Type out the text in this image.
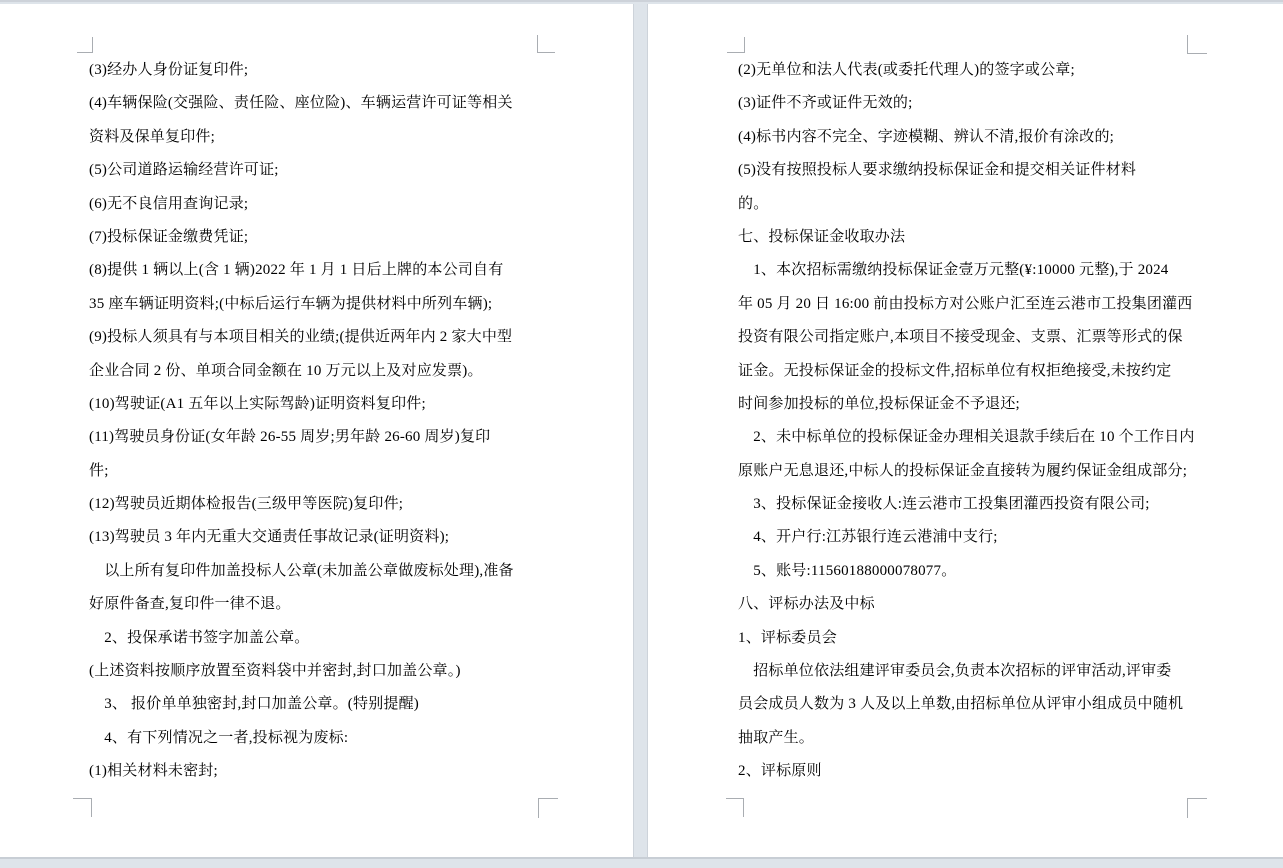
(3)经办人身份证复印件;
(4)车辆保险(交强险、责任险、座位险)、车辆运营许可证等相关
资料及保单复印件;
(5)公司道路运输经营许可证;
(6)无不良信用查询记录;
(7)投标保证金缴费凭证;
(8)提供 1 辆以上(含 1 辆)2022 年 1 月 1 日后上牌的本公司自有
35 座车辆证明资料;(中标后运行车辆为提供材料中所列车辆);
(9)投标人须具有与本项目相关的业绩;(提供近两年内 2 家大中型
企业合同 2 份、单项合同金额在 10 万元以上及对应发票)。
(10)驾驶证(A1 五年以上实际驾龄)证明资料复印件;
(11)驾驶员身份证(女年龄 26-55 周岁;男年龄 26-60 周岁)复印
件;
(12)驾驶员近期体检报告(三级甲等医院)复印件;
(13)驾驶员 3 年内无重大交通责任事故记录(证明资料);
　以上所有复印件加盖投标人公章(未加盖公章做废标处理),准备
好原件备查,复印件一律不退。
　2、投保承诺书签字加盖公章。
(上述资料按顺序放置至资料袋中并密封,封口加盖公章。)
　3、 报价单单独密封,封口加盖公章。(特别提醒)
　4、有下列情况之一者,投标视为废标:
(1)相关材料未密封;
(2)无单位和法人代表(或委托代理人)的签字或公章;
(3)证件不齐或证件无效的;
(4)标书内容不完全、字迹模糊、辨认不清,报价有涂改的;
(5)没有按照投标人要求缴纳投标保证金和提交相关证件材料
的。
七、投标保证金收取办法
　1、本次招标需缴纳投标保证金壹万元整(¥:10000 元整),于 2024
年 05 月 20 日 16:00 前由投标方对公账户汇至连云港市工投集团灌西
投资有限公司指定账户,本项目不接受现金、支票、汇票等形式的保
证金。无投标保证金的投标文件,招标单位有权拒绝接受,未按约定
时间参加投标的单位,投标保证金不予退还;
　2、未中标单位的投标保证金办理相关退款手续后在 10 个工作日内
原账户无息退还,中标人的投标保证金直接转为履约保证金组成部分;
　3、投标保证金接收人:连云港市工投集团灌西投资有限公司;
　4、开户行:江苏银行连云港浦中支行;
　5、账号:11560188000078077。
八、评标办法及中标
1、评标委员会
　招标单位依法组建评审委员会,负责本次招标的评审活动,评审委
员会成员人数为 3 人及以上单数,由招标单位从评审小组成员中随机
抽取产生。
2、评标原则
